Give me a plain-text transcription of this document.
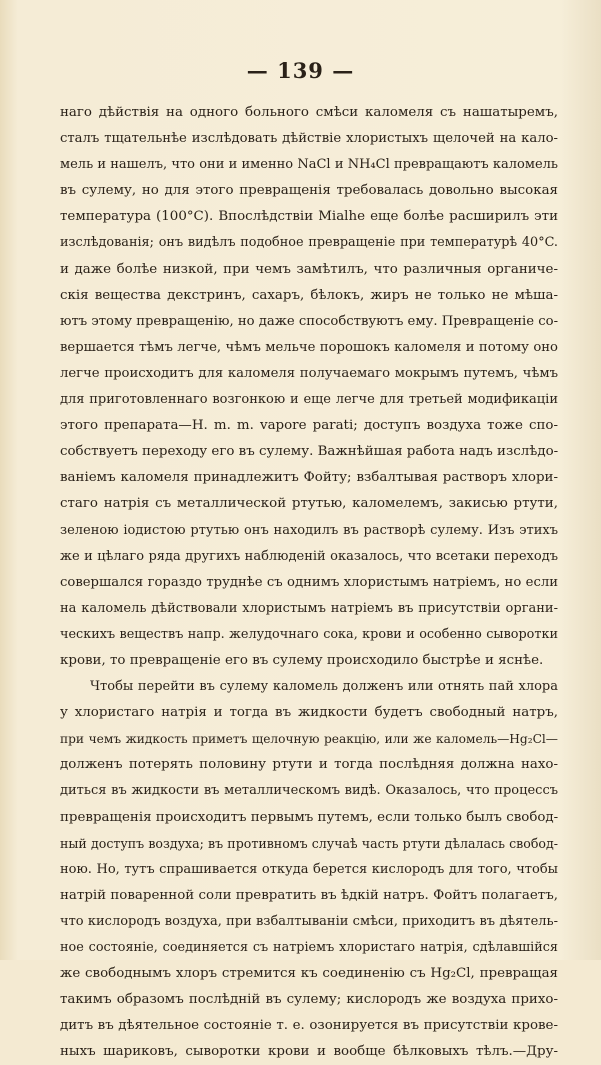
— 139 —
наго дѣйствія на одного больного смѣси каломеля съ нашатыремъ,
сталъ тщательнѣе изслѣдовать дѣйствіе хлористыхъ щелочей на кало-
мель и нашелъ, что они и именно NaCl и NH₄Cl превращаютъ каломель
въ сулему, но для этого превращенія требовалась довольно высокая
температура (100°C). Впослѣдствіи Mialhe еще болѣе расширилъ эти
изслѣдованія; онъ видѣлъ подобное превращеніе при температурѣ 40°C.
и даже болѣе низкой, при чемъ замѣтилъ, что различныя органиче-
скія вещества декстринъ, сахаръ, бѣлокъ, жиръ не только не мѣша-
ютъ этому превращенію, но даже способствуютъ ему. Превращеніе со-
вершается тѣмъ легче, чѣмъ мельче порошокъ каломеля и потому оно
легче происходитъ для каломеля получаемаго мокрымъ путемъ, чѣмъ
для приготовленнаго возгонкою и еще легче для третьей модификаціи
этого препарата—H. m. m. vapore parati; доступъ воздуха тоже спо-
собствуетъ переходу его въ сулему. Важнѣйшая работа надъ изслѣдо-
ваніемъ каломеля принадлежитъ Фойту; взбалтывая растворъ хлори-
стаго натрія съ металлической ртутью, каломелемъ, закисью ртути,
зеленою іодистою ртутью онъ находилъ въ растворѣ сулему. Изъ этихъ
же и цѣлаго ряда другихъ наблюденій оказалось, что всетаки переходъ
совершался гораздо труднѣе съ однимъ хлористымъ натріемъ, но если
на каломель дѣйствовали хлористымъ натріемъ въ присутствіи органи-
ческихъ веществъ напр. желудочнаго сока, крови и особенно сыворотки
крови, то превращеніе его въ сулему происходило быстрѣе и яснѣе.
Чтобы перейти въ сулему каломель долженъ или отнять пай хлора
у хлористаго натрія и тогда въ жидкости будетъ свободный натръ,
при чемъ жидкость приметъ щелочную реакцію, или же каломель—Hg₂Cl—
долженъ потерять половину ртути и тогда послѣдняя должна нахо-
диться въ жидкости въ металлическомъ видѣ. Оказалось, что процессъ
превращенія происходитъ первымъ путемъ, если только былъ свобод-
ный доступъ воздуха; въ противномъ случаѣ часть ртути дѣлалась свобод-
ною. Но, тутъ спрашивается откуда берется кислородъ для того, чтобы
натрій поваренной соли превратить въ ѣдкій натръ. Фойтъ полагаетъ,
что кислородъ воздуха, при взбалтываніи смѣси, приходитъ въ дѣятель-
ное состояніе, соединяется съ натріемъ хлористаго натрія, сдѣлавшійся
же свободнымъ хлоръ стремится къ соединенію съ Hg₂Cl, превращая
такимъ образомъ послѣдній въ сулему; кислородъ же воздуха прихо-
дитъ въ дѣятельное состояніе т. е. озонируется въ присутствіи крове-
ныхъ шариковъ, сыворотки крови и вообще бѣлковыхъ тѣлъ.—Дру-
